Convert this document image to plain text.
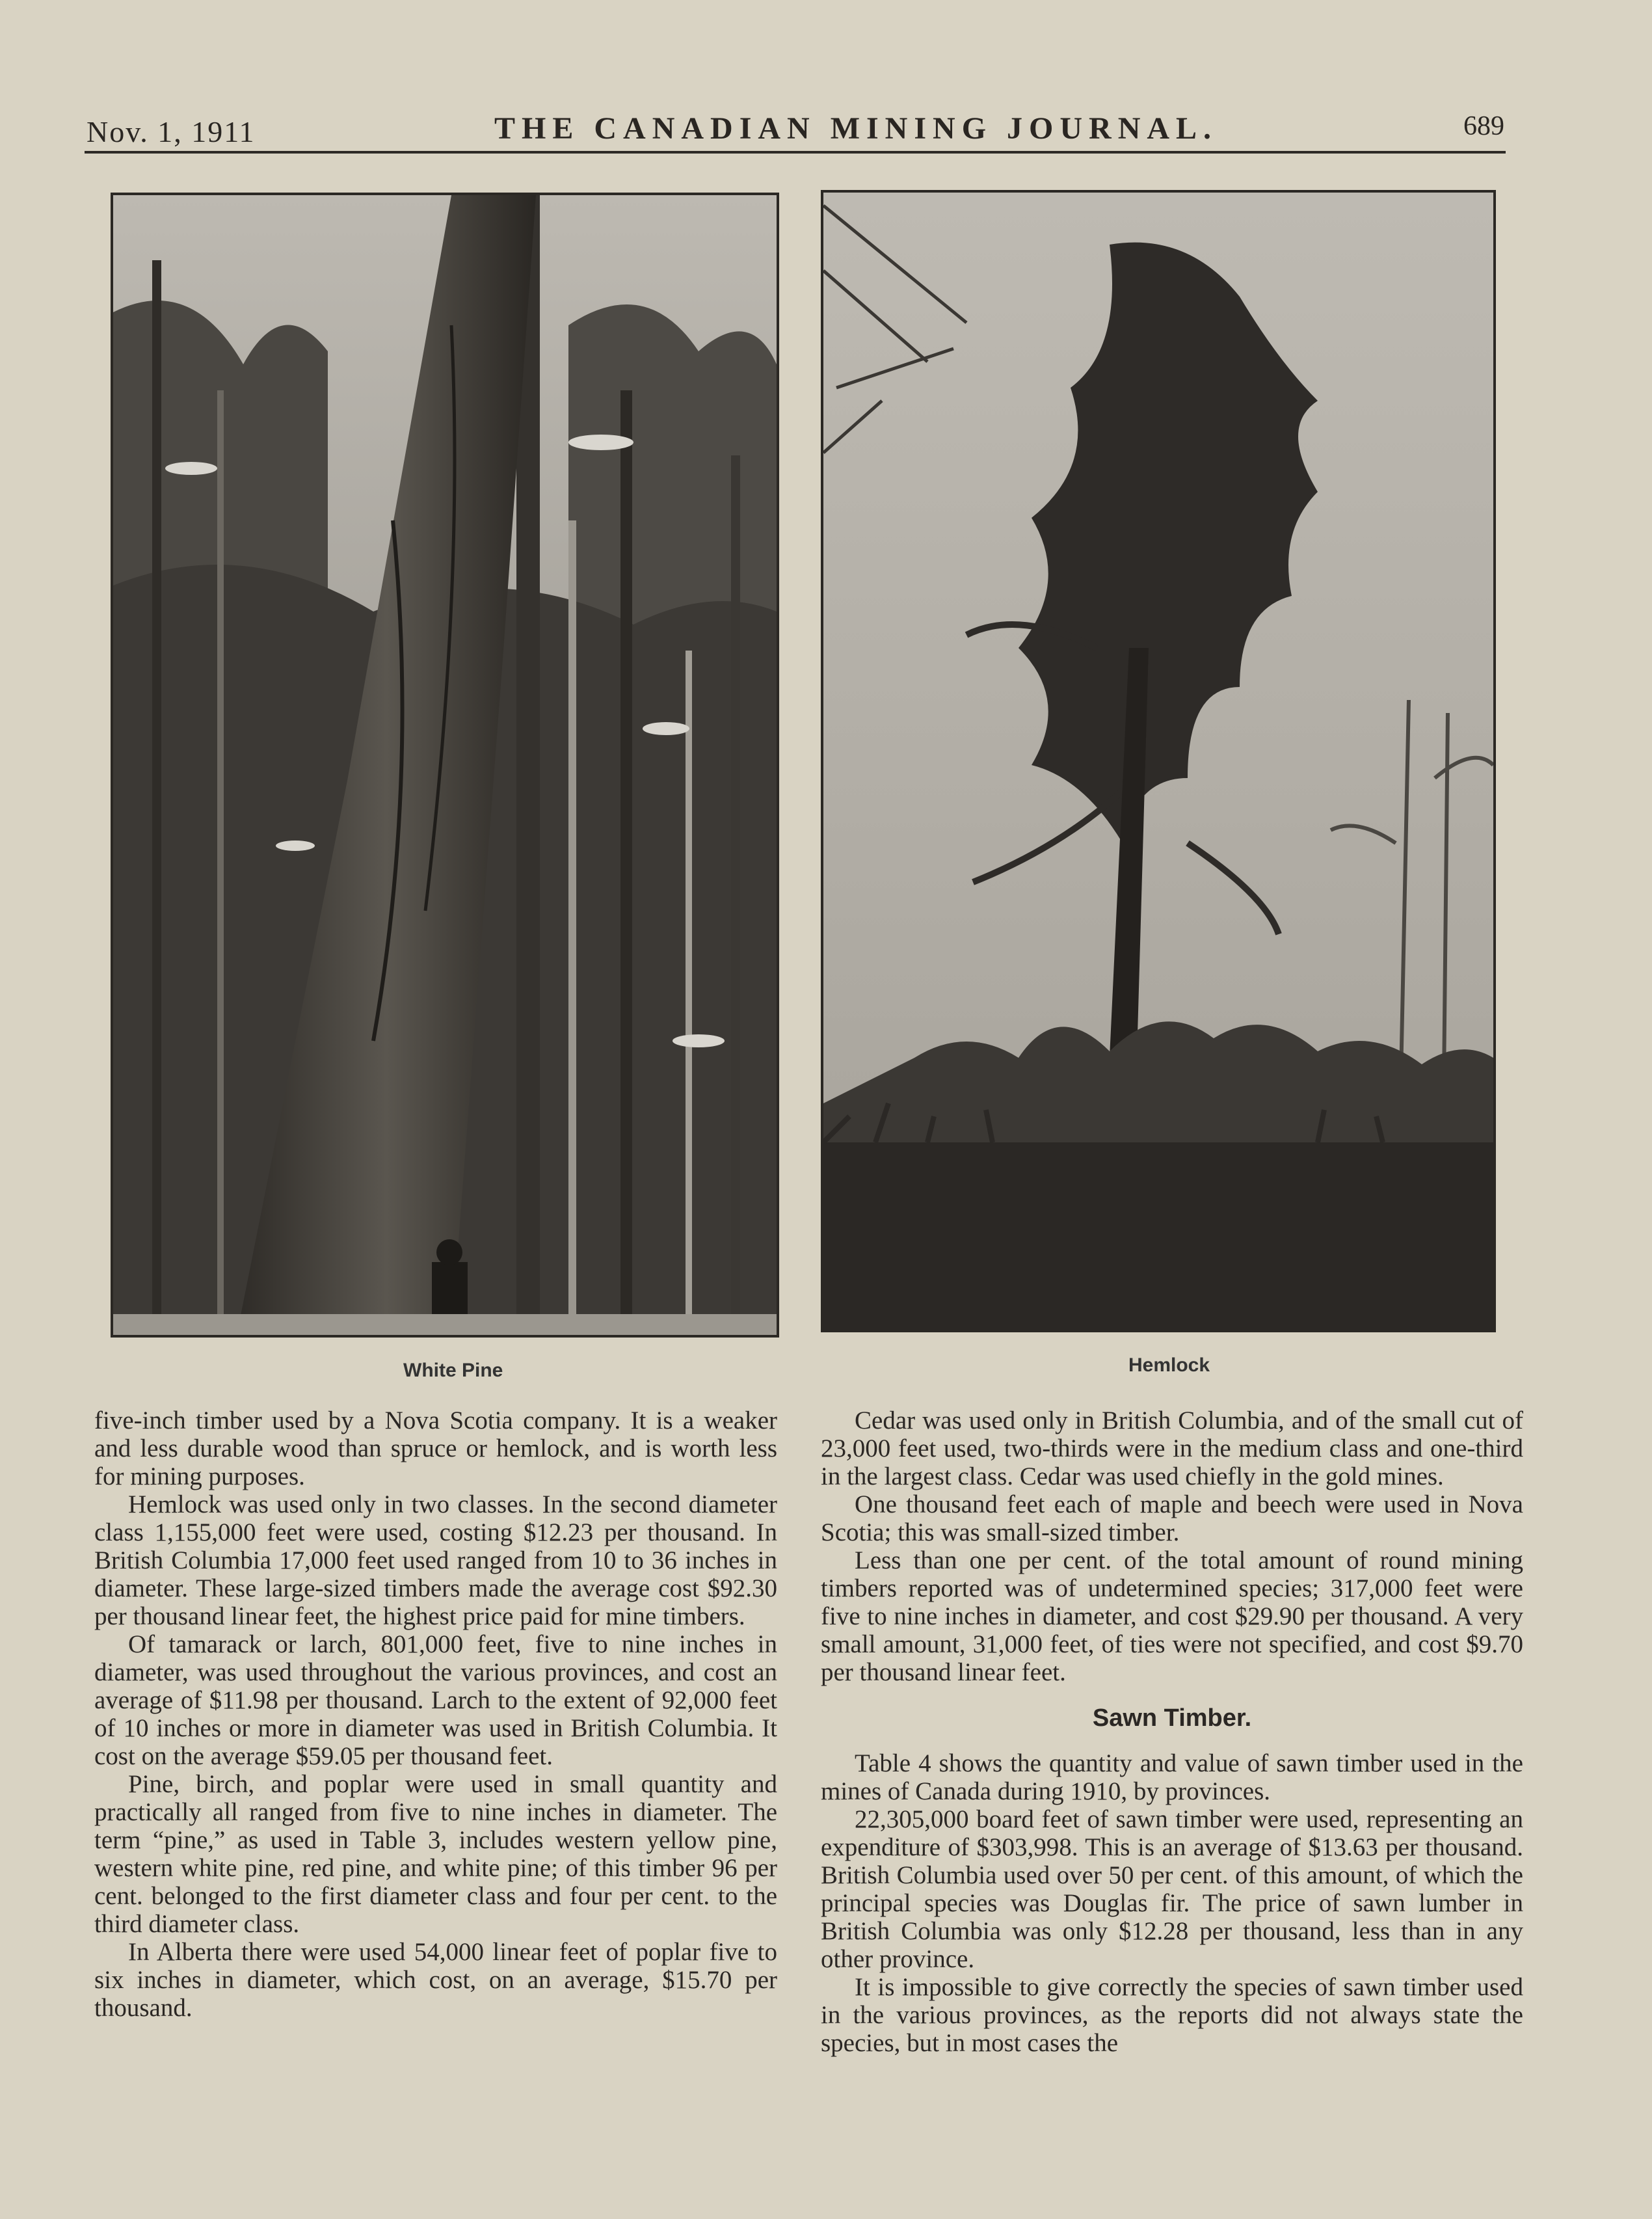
Nov. 1, 1911	THE CANADIAN MINING JOURNAL.	689
White Pine	Hemlock

five-inch timber used by a Nova Scotia company. It is a weaker and less durable wood than spruce or hemlock, and is worth less for mining purposes.

Hemlock was used only in two classes. In the second diameter class 1,155,000 feet were used, costing $12.23 per thousand. In British Columbia 17,000 feet used ranged from 10 to 36 inches in diameter. These large-sized timbers made the average cost $92.30 per thousand linear feet, the highest price paid for mine timbers.

Of tamarack or larch, 801,000 feet, five to nine inches in diameter, was used throughout the various provinces, and cost an average of $11.98 per thousand. Larch to the extent of 92,000 feet of 10 inches or more in diameter was used in British Columbia. It cost on the average $59.05 per thousand feet.

Pine, birch, and poplar were used in small quantity and practically all ranged from five to nine inches in diameter. The term “pine,” as used in Table 3, includes western yellow pine, western white pine, red pine, and white pine; of this timber 96 per cent. belonged to the first diameter class and four per cent. to the third diameter class.

In Alberta there were used 54,000 linear feet of poplar five to six inches in diameter, which cost, on an average, $15.70 per thousand.

Cedar was used only in British Columbia, and of the small cut of 23,000 feet used, two-thirds were in the medium class and one-third in the largest class. Cedar was used chiefly in the gold mines.

One thousand feet each of maple and beech were used in Nova Scotia; this was small-sized timber.

Less than one per cent. of the total amount of round mining timbers reported was of undetermined species; 317,000 feet were five to nine inches in diameter, and cost $29.90 per thousand. A very small amount, 31,000 feet, of ties were not specified, and cost $9.70 per thousand linear feet.

Sawn Timber.

Table 4 shows the quantity and value of sawn timber used in the mines of Canada during 1910, by provinces.

22,305,000 board feet of sawn timber were used, representing an expenditure of $303,998. This is an average of $13.63 per thousand. British Columbia used over 50 per cent. of this amount, of which the principal species was Douglas fir. The price of sawn lumber in British Columbia was only $12.28 per thousand, less than in any other province.

It is impossible to give correctly the species of sawn timber used in the various provinces, as the reports did not always state the species, but in most cases the
